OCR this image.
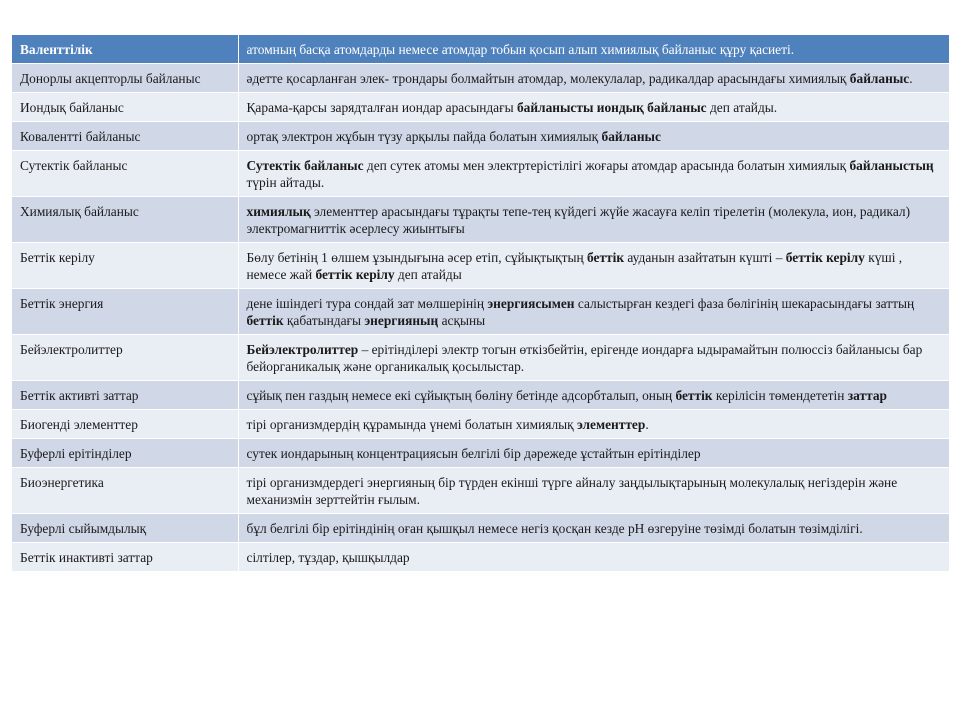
Валенттілік	атомның басқа атомдарды немесе атомдар тобын қосып алып химиялық байланыс құру қасиеті.
Донорлы акцепторлы байланыс	әдетте қосарланған элек- трондары болмайтын атомдар, молекулалар, радикалдар арасындағы химиялық байланыс.
Иондық байланыс	Қарама-қарсы зарядталған иондар арасындағы байланысты иондық байланыс деп атайды.
Ковалентті байланыс	ортақ электрон жұбын түзу арқылы пайда болатын химиялық байланыс
Сутектік байланыс	Сутектік байланыс деп сутек атомы мен электртерістілігі жоғары атомдар арасында болатын химиялық байланыстың түрін айтады.
Химиялық байланыс	химиялық элементтер арасындағы тұрақты тепе-тең күйдегі жүйе жасауға келіп тірелетін (молекула, ион, радикал) электромагниттік әсерлесу жиынтығы
Беттік керілу	Бөлу бетінің 1 өлшем ұзындығына әсер етіп, сұйықтықтың беттік ауданын азайтатын күшті – беттік керілу күші , немесе жай беттік керілу деп атайды
Беттік энергия	дене ішіндегі тура сондай зат мөлшерінің энергиясымен салыстырған кездегі фаза бөлігінің шекарасындағы заттың беттік қабатындағы энергияның асқыны
Бейэлектролиттер	Бейэлектролиттер – ерітінділері электр тогын өткізбейтін, ерігенде иондарға ыдырамайтын полюссіз байланысы бар бейорганикалық және органикалық қосылыстар.
Беттік активті заттар	сұйық пен газдың немесе екі сұйықтың бөліну бетінде адсорбталып, оның беттік керілісін төмендететін заттар
Биогенді элементтер	тірі организмдердің құрамында үнемі болатын химиялық элементтер.
Буферлі ерітінділер	сутек иондарының концентрациясын белгілі бір дәрежеде ұстайтын ерітінділер
Биоэнергетика	тірі организмдердегі энергияның бір түрден екінші түрге айналу заңдылықтарының молекулалық негіздерін және механизмін зерттейтін ғылым.
Буферлі сыйымдылық	бұл белгілі бір ерітіндінің оған қышқыл немесе негіз қосқан кезде pH өзгеруіне төзімді болатын төзімділігі.
Беттік инактивті заттар	сілтілер, тұздар, қышқылдар
